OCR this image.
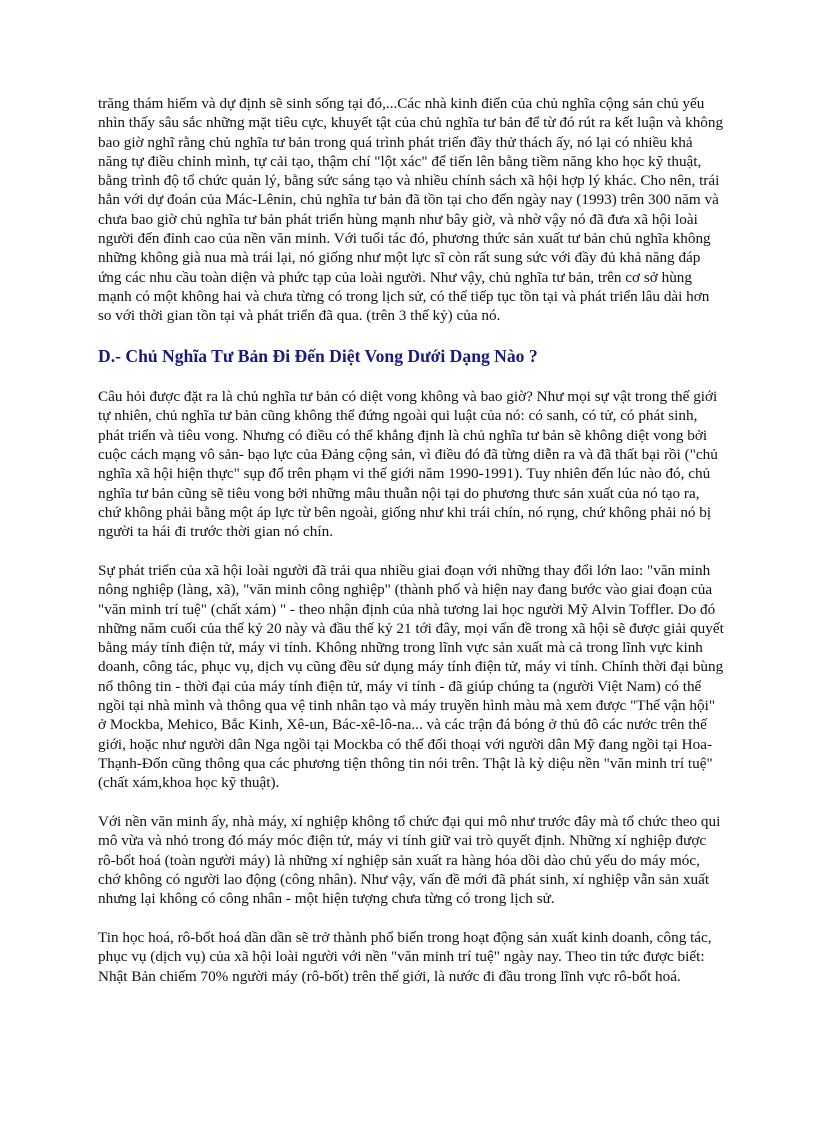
trăng thám hiểm và dự định sẽ sinh sống tại đó,...Các nhà kinh điển của chủ nghĩa cộng sản chủ yếu nhìn thấy sâu sắc những mặt tiêu cực, khuyết tật của chủ nghĩa tư bản để từ đó rút ra kết luận và không bao giờ nghĩ rằng chủ nghĩa tư bản trong quá trình phát triển đầy thử thách ấy, nó lại có nhiều khả năng tự điều chỉnh mình, tự cải tạo, thậm chí "lột xác" để tiến lên bằng tiềm năng kho học kỹ thuật, bằng trình độ tổ chức quản lý, bằng sức sáng tạo và nhiều chính sách xã hội hợp lý khác. Cho nên, trái hẳn với dự đoán của Mác-Lênin, chủ nghĩa tư bản đã tồn tại cho đến ngày nay (1993) trên 300 năm và chưa bao giờ chủ nghĩa tư bản phát triển hùng mạnh như bây giờ, và nhờ vậy nó đã đưa xã hội loài người đến đỉnh cao của nền văn minh. Với tuổi tác đó, phương thức sản xuất tư bản chủ nghĩa không những không già nua mà trái lại, nó giống như một lực sĩ còn rất sung sức với đầy đủ khả năng đáp ứng các nhu cầu toàn diện và phức tạp của loài người. Như vậy, chủ nghĩa tư bản, trên cơ sở hùng mạnh có một không hai và chưa từng có trong lịch sử, có thể tiếp tục tồn tại và phát triển lâu dài hơn so với thời gian tồn tại và phát triển đã qua. (trên 3 thế kỷ) của nó.

D.- Chủ Nghĩa Tư Bản Đi Đến Diệt Vong Dưới Dạng Nào ?

Câu hỏi được đặt ra là chủ nghĩa tư bản có diệt vong không và bao giờ? Như mọi sự vật trong thế giới tự nhiên, chủ nghĩa tư bản cũng không thể đứng ngoài qui luật của nó: có sanh, có tử, có phát sinh, phát triển và tiêu vong. Nhưng có điều có thể khẳng định là chủ nghĩa tư bản sẽ không diệt vong bởi cuộc cách mạng vô sản- bạo lực của Đảng cộng sản, vì điều đó đã từng diễn ra và đã thất bại rồi ("chủ nghĩa xã hội hiện thực" sụp đổ trên phạm vi thế giới năm 1990-1991). Tuy nhiên đến lúc nào đó, chủ nghĩa tư bản cũng sẽ tiêu vong bởi những mâu thuẫn nội tại do phương thưc sản xuất của nó tạo ra, chứ không phải bằng một áp lực từ bên ngoài, giống như khi trái chín, nó rụng, chứ không phải nó bị người ta hái đi trước thời gian nó chín.

Sự phát triển của xã hội loài người đã trải qua nhiều giai đoạn với những thay đổi lớn lao: "văn minh nông nghiệp (làng, xã), "văn minh công nghiệp" (thành phố và hiện nay đang bước vào giai đoạn của "văn minh trí tuệ" (chất xám) " - theo nhận định của nhà tương lai học người Mỹ Alvin Toffler. Do đó những năm cuối của thế kỷ 20 này và đầu thế kỷ 21 tới đây, mọi vấn đề trong xã hội sẽ được giải quyết bằng máy tính điện tử, máy vi tính. Không những trong lĩnh vực sản xuất mà cả trong lĩnh vực kinh doanh, công tác, phục vụ, dịch vụ cũng đều sử dụng máy tính điện tử, máy vi tính. Chính thời đại bùng nổ thông tin - thời đại của máy tính điện tử, máy vi tính - đã giúp chúng ta (người Việt Nam) có thể ngồi tại nhà mình và thông qua vệ tinh nhân tạo và máy truyền hình màu mà xem được "Thế vận hội" ở Mockba, Mehico, Bắc Kinh, Xê-un, Bác-xê-lô-na... và các trận đá bóng ở thủ đô các nước trên thế giới, hoặc như người dân Nga ngồi tại Mockba có thể đối thoại với người dân Mỹ đang ngồi tại Hoa-Thạnh-Đốn cũng thông qua các phương tiện thông tin nói trên. Thật là kỳ diệu nền "văn minh trí tuệ" (chất xám,khoa học kỹ thuật).

Với nền văn minh ấy, nhà máy, xí nghiệp không tổ chức đại qui mô như trước đây mà tổ chức theo qui mô vừa và nhỏ trong đó máy móc điện tử, máy vi tính giữ vai trò quyết định. Những xí nghiệp được rô-bốt hoá (toàn người máy) là những xí nghiệp sản xuất ra hàng hóa dồi dào chủ yếu do máy móc, chớ không có người lao động (công nhân). Như vậy, vấn đề mới đã phát sinh, xí nghiệp vẫn sản xuất nhưng lại không có công nhân - một hiện tượng chưa từng có trong lịch sử.

Tin học hoá, rô-bốt hoá dần dần sẽ trở thành phổ biến trong hoạt động sản xuất kinh doanh, công tác, phục vụ (dịch vụ) của xã hội loài người với nền "văn minh trí tuệ" ngày nay. Theo tin tức được biết: Nhật Bản chiếm 70% người máy (rô-bốt) trên thế giới, là nước đi đầu trong lĩnh vực rô-bốt hoá.
